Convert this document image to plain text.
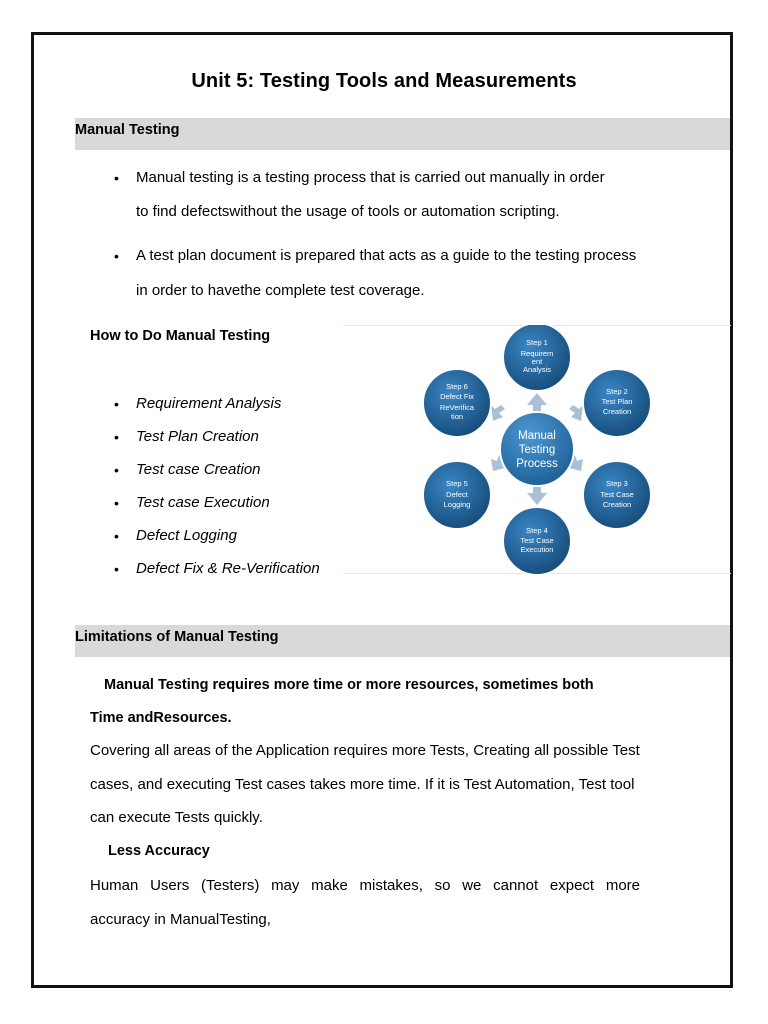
Unit 5: Testing Tools and Measurements
Manual Testing
• Manual testing is a testing process that is carried out manually in order
to find defectswithout the usage of tools or automation scripting.
• A test plan document is prepared that acts as a guide to the testing process
in order to havethe complete test coverage.
How to Do Manual Testing
• Requirement Analysis
• Test Plan Creation
• Test case Creation
• Test case Execution
• Defect Logging
• Defect Fix & Re-Verification
Manual
Testing
Process
Step 1
Requirem
ent
Analysis
Step 2
Test Plan
Creation
Step 3
Test Case
Creation
Step 4
Test Case
Execution
Step 5
Defect
Logging
Step 6
Defect Fix
ReVerifica
tion
Limitations of Manual Testing
Manual Testing requires more time or more resources, sometimes both
Time andResources.
Covering all areas of the Application requires more Tests, Creating all possible Test
cases, and executing Test cases takes more time. If it is Test Automation, Test tool
can execute Tests quickly.
Less Accuracy
Human Users (Testers) may make mistakes, so we cannot expect more
accuracy in ManualTesting,
